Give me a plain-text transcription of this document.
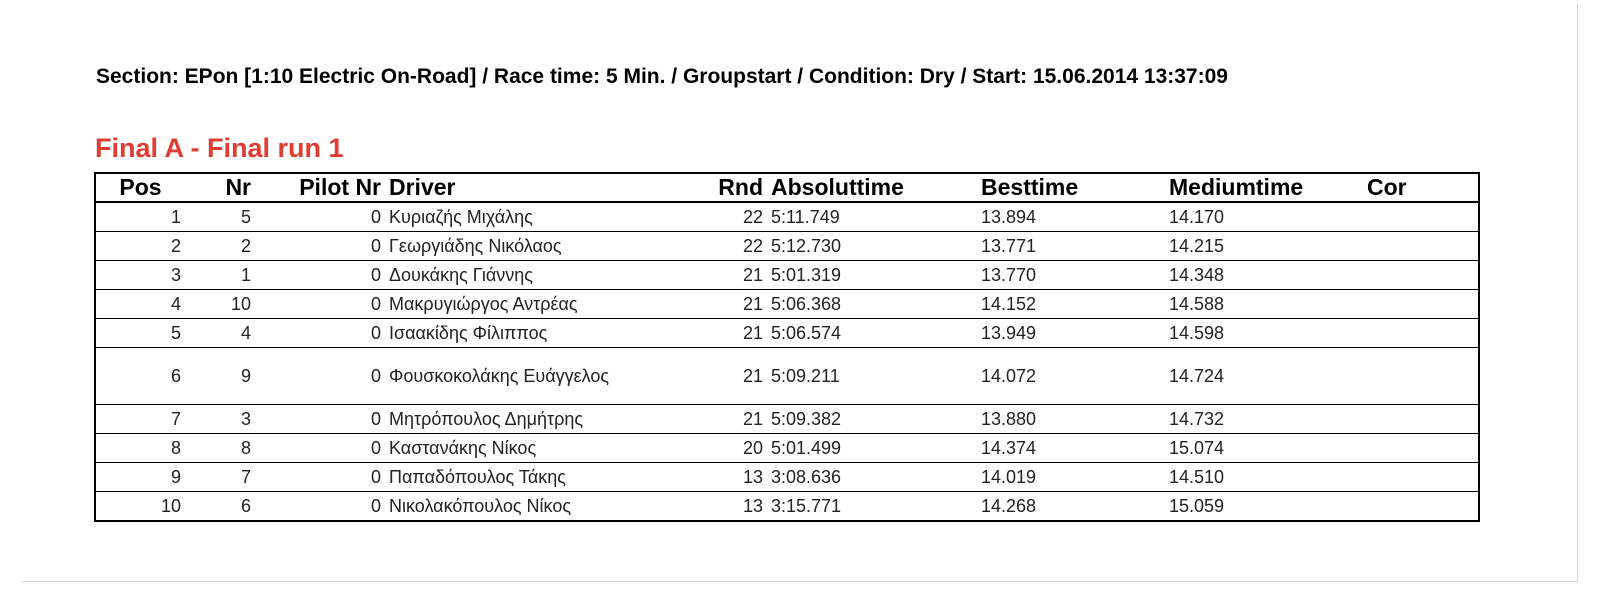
Section: EPon [1:10 Electric On-Road] / Race time: 5 Min. / Groupstart / Condition: Dry / Start: 15.06.2014 13:37:09
Final A - Final run 1
Pos	Nr	Pilot Nr	Driver	Rnd	Absoluttime	Besttime	Mediumtime	Cor
1	5	0	Κυριαζής Μιχάλης	22	5:11.749	13.894	14.170	
2	2	0	Γεωργιάδης Νικόλαος	22	5:12.730	13.771	14.215	
3	1	0	Δουκάκης Γιάννης	21	5:01.319	13.770	14.348	
4	10	0	Μακρυγιώργος Αντρέας	21	5:06.368	14.152	14.588	
5	4	0	Ισαακίδης Φίλιππος	21	5:06.574	13.949	14.598	
6	9	0	Φουσκοκολάκης Ευάγγελος	21	5:09.211	14.072	14.724	
7	3	0	Μητρόπουλος Δημήτρης	21	5:09.382	13.880	14.732	
8	8	0	Καστανάκης Νίκος	20	5:01.499	14.374	15.074	
9	7	0	Παπαδόπουλος Τάκης	13	3:08.636	14.019	14.510	
10	6	0	Νικολακόπουλος Νίκος	13	3:15.771	14.268	15.059	
